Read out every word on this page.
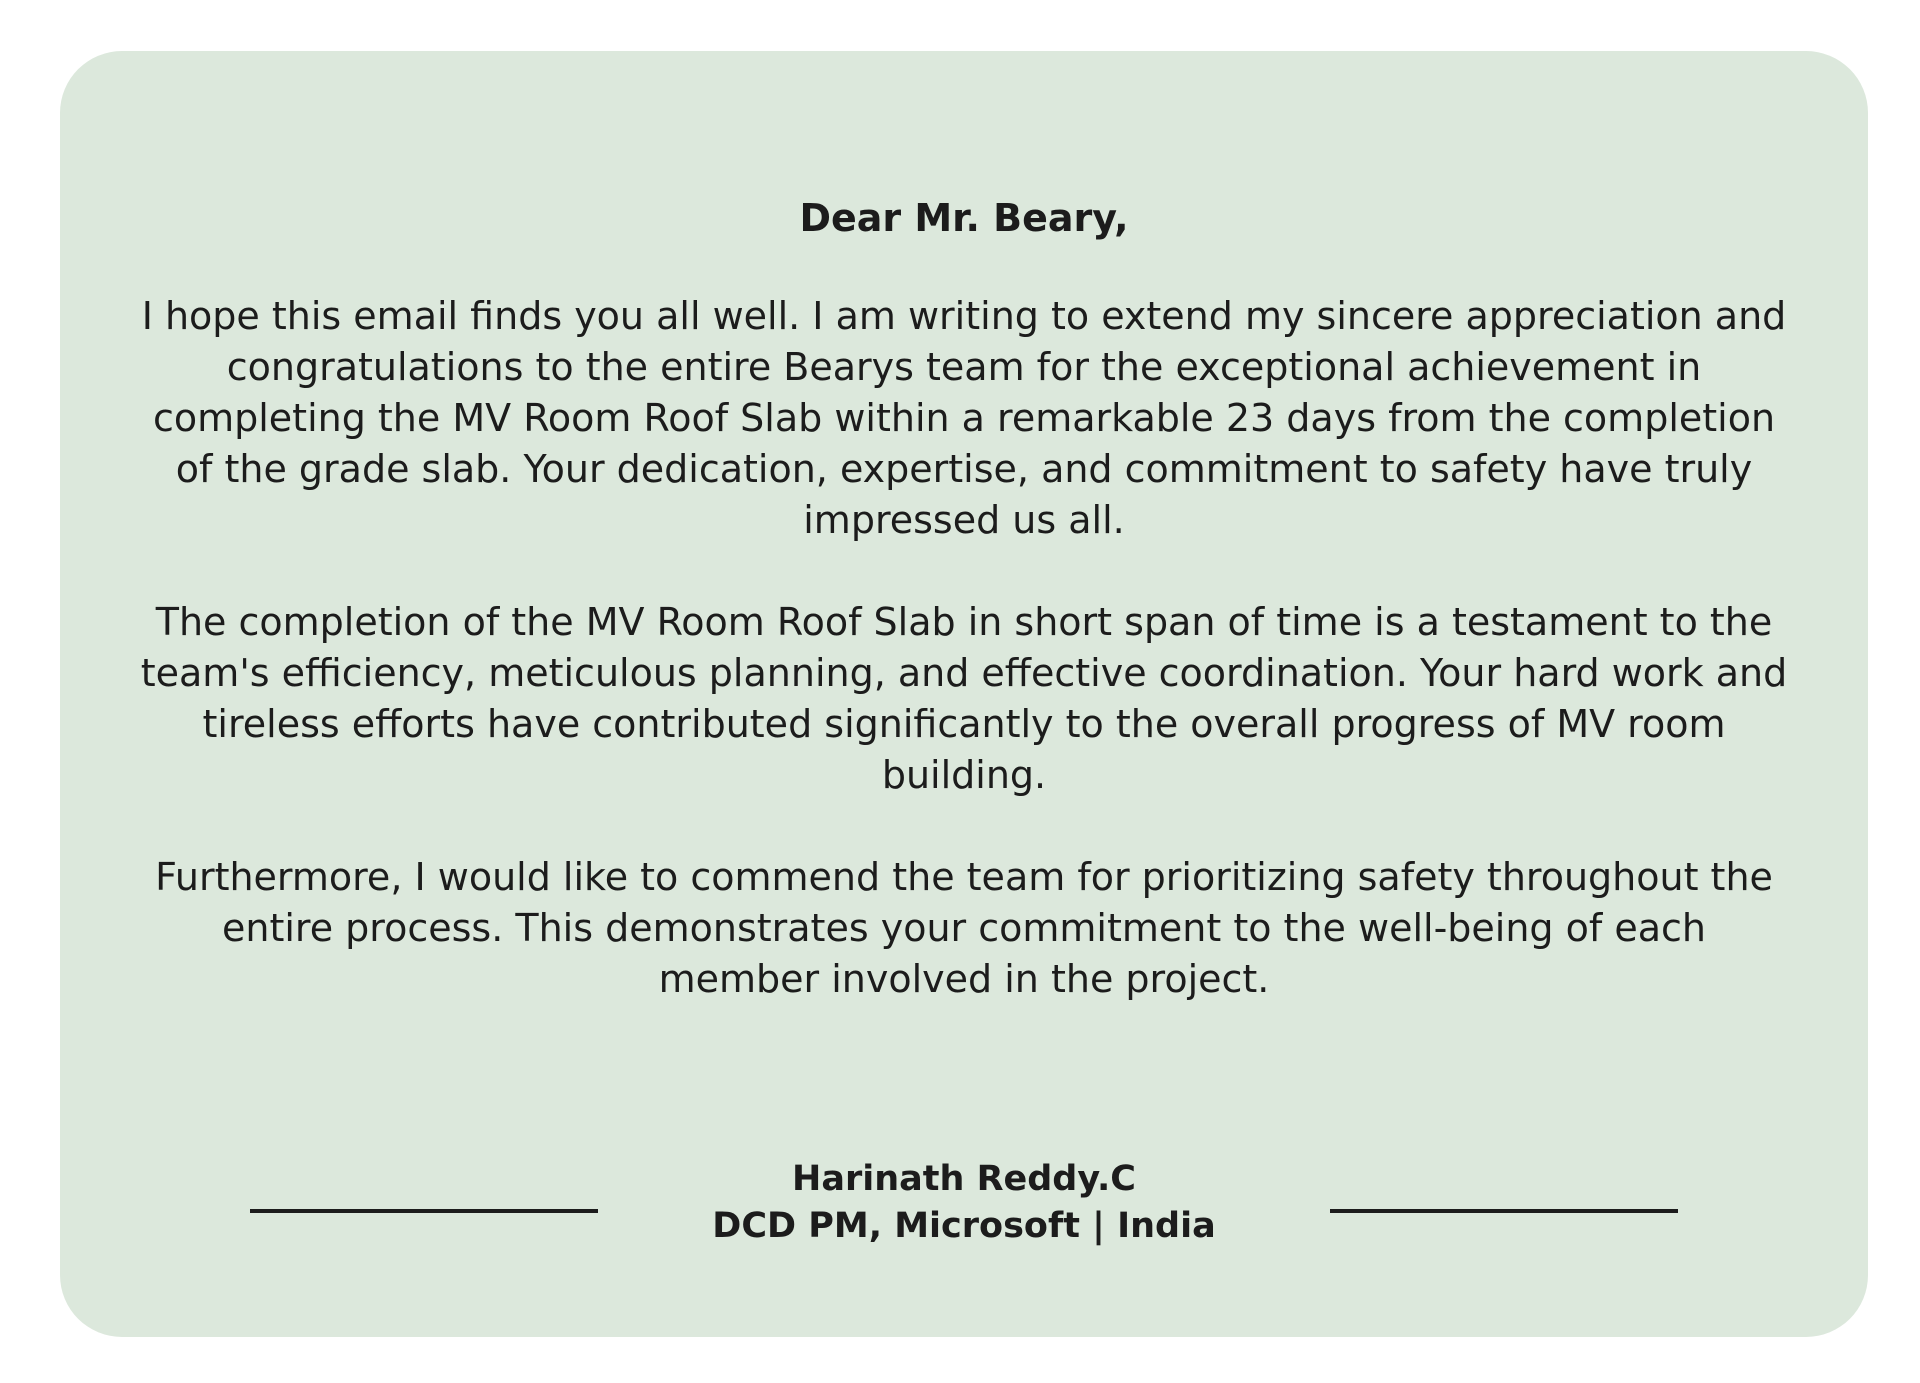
Dear Mr. Beary,
I hope this email finds you all well. I am writing to extend my sincere appreciation and congratulations to the entire Bearys team for the exceptional achievement in completing the MV Room Roof Slab within a remarkable 23 days from the completion of the grade slab. Your dedication, expertise, and commitment to safety have truly impressed us all.
The completion of the MV Room Roof Slab in short span of time is a testament to the team's efficiency, meticulous planning, and effective coordination. Your hard work and tireless efforts have contributed significantly to the overall progress of MV room building.
Furthermore, I would like to commend the team for prioritizing safety throughout the entire process. This demonstrates your commitment to the well-being of each member involved in the project.
Harinath Reddy.C
DCD PM, Microsoft | India
